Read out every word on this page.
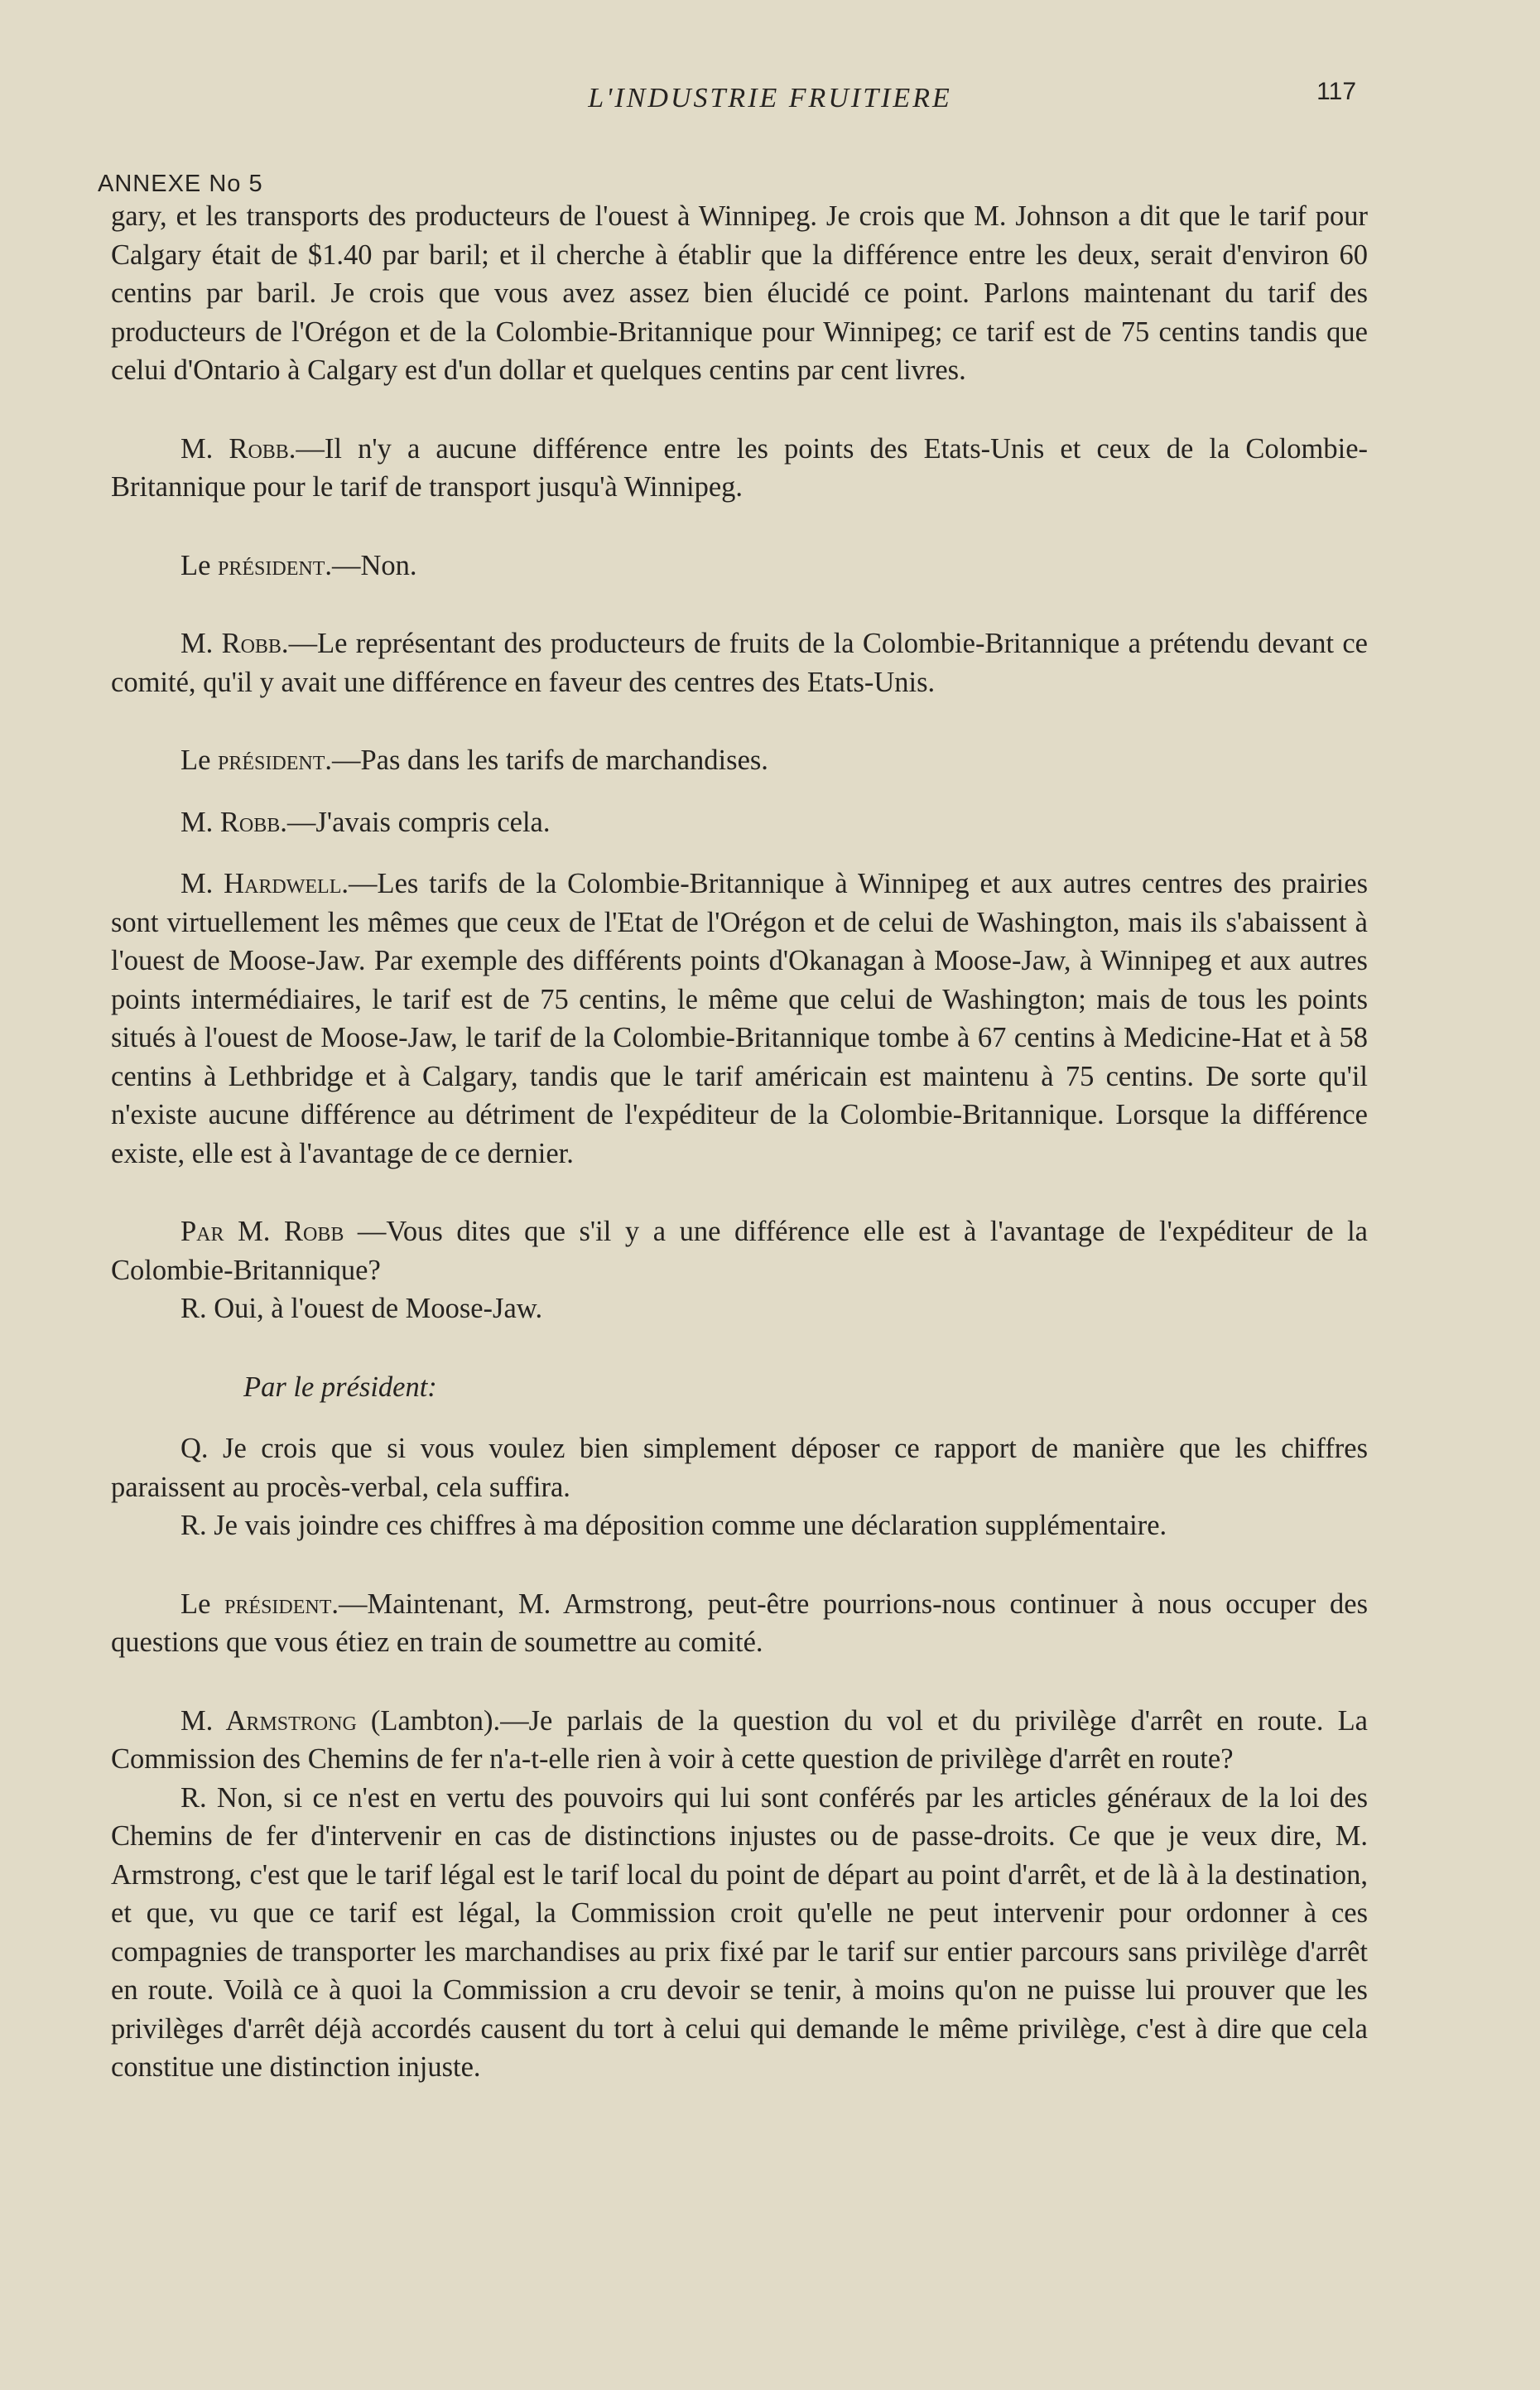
L'INDUSTRIE FRUITIERE	117
ANNEXE No 5

gary, et les transports des producteurs de l'ouest à Winnipeg. Je crois que M. Johnson a dit que le tarif pour Calgary était de $1.40 par baril; et il cherche à établir que la différence entre les deux, serait d'environ 60 centins par baril. Je crois que vous avez assez bien élucidé ce point. Parlons maintenant du tarif des producteurs de l'Orégon et de la Colombie-Britannique pour Winnipeg; ce tarif est de 75 centins tandis que celui d'Ontario à Calgary est d'un dollar et quelques centins par cent livres.

M. Robb.—Il n'y a aucune différence entre les points des Etats-Unis et ceux de la Colombie-Britannique pour le tarif de transport jusqu'à Winnipeg.

Le président.—Non.

M. Robb.—Le représentant des producteurs de fruits de la Colombie-Britannique a prétendu devant ce comité, qu'il y avait une différence en faveur des centres des Etats-Unis.

Le président.—Pas dans les tarifs de marchandises.

M. Robb.—J'avais compris cela.

M. Hardwell.—Les tarifs de la Colombie-Britannique à Winnipeg et aux autres centres des prairies sont virtuellement les mêmes que ceux de l'Etat de l'Orégon et de celui de Washington, mais ils s'abaissent à l'ouest de Moose-Jaw. Par exemple des différents points d'Okanagan à Moose-Jaw, à Winnipeg et aux autres points intermédiaires, le tarif est de 75 centins, le même que celui de Washington; mais de tous les points situés à l'ouest de Moose-Jaw, le tarif de la Colombie-Britannique tombe à 67 centins à Medicine-Hat et à 58 centins à Lethbridge et à Calgary, tandis que le tarif américain est maintenu à 75 centins. De sorte qu'il n'existe aucune différence au détriment de l'expéditeur de la Colombie-Britannique. Lorsque la différence existe, elle est à l'avantage de ce dernier.

Par M. Robb —Vous dites que s'il y a une différence elle est à l'avantage de l'expéditeur de la Colombie-Britannique?

R. Oui, à l'ouest de Moose-Jaw.

Par le président:

Q. Je crois que si vous voulez bien simplement déposer ce rapport de manière que les chiffres paraissent au procès-verbal, cela suffira.

R. Je vais joindre ces chiffres à ma déposition comme une déclaration supplémentaire.

Le président.—Maintenant, M. Armstrong, peut-être pourrions-nous continuer à nous occuper des questions que vous étiez en train de soumettre au comité.

M. Armstrong (Lambton).—Je parlais de la question du vol et du privilège d'arrêt en route. La Commission des Chemins de fer n'a-t-elle rien à voir à cette question de privilège d'arrêt en route?

R. Non, si ce n'est en vertu des pouvoirs qui lui sont conférés par les articles généraux de la loi des Chemins de fer d'intervenir en cas de distinctions injustes ou de passe-droits. Ce que je veux dire, M. Armstrong, c'est que le tarif légal est le tarif local du point de départ au point d'arrêt, et de là à la destination, et que, vu que ce tarif est légal, la Commission croit qu'elle ne peut intervenir pour ordonner à ces compagnies de transporter les marchandises au prix fixé par le tarif sur entier parcours sans privilège d'arrêt en route. Voilà ce à quoi la Commission a cru devoir se tenir, à moins qu'on ne puisse lui prouver que les privilèges d'arrêt déjà accordés causent du tort à celui qui demande le même privilège, c'est à dire que cela constitue une distinction injuste.
